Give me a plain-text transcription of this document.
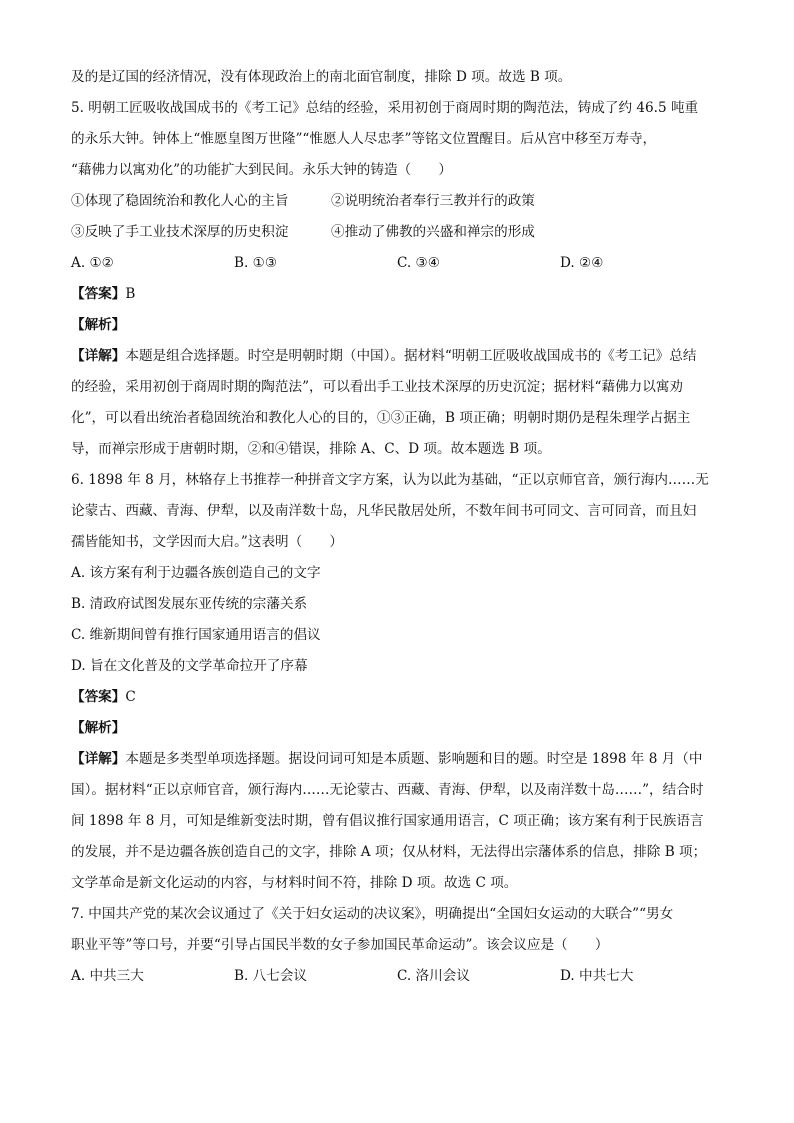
及的是辽国的经济情况，没有体现政治上的南北面官制度，排除 D 项。故选 B 项。
5. 明朝工匠吸收战国成书的《考工记》总结的经验，采用初创于商周时期的陶范法，铸成了约 46.5 吨重
的永乐大钟。钟体上“惟愿皇图万世隆”“惟愿人人尽忠孝”等铭文位置醒目。后从宫中移至万寿寺，
“藉佛力以寓劝化”的功能扩大到民间。永乐大钟的铸造（　　）
①体现了稳固统治和教化人心的主旨	②说明统治者奉行三教并行的政策
③反映了手工业技术深厚的历史积淀	④推动了佛教的兴盛和禅宗的形成
A. ①②	B. ①③	C. ③④	D. ②④
【答案】B
【解析】
【详解】本题是组合选择题。时空是明朝时期（中国）。据材料“明朝工匠吸收战国成书的《考工记》总结
的经验，采用初创于商周时期的陶范法”，可以看出手工业技术深厚的历史沉淀；据材料“藉佛力以寓劝
化”，可以看出统治者稳固统治和教化人心的目的，①③正确，B 项正确；明朝时期仍是程朱理学占据主
导，而禅宗形成于唐朝时期，②和④错误，排除 A、C、D 项。故本题选 B 项。
6. 1898 年 8 月，林辂存上书推荐一种拼音文字方案，认为以此为基础，“正以京师官音，颁行海内……无
论蒙古、西藏、青海、伊犁，以及南洋数十岛，凡华民散居处所，不数年间书可同文、言可同音，而且妇
孺皆能知书，文学因而大启。”这表明（　　）
A. 该方案有利于边疆各族创造自己的文字
B. 清政府试图发展东亚传统的宗藩关系
C. 维新期间曾有推行国家通用语言的倡议
D. 旨在文化普及的文学革命拉开了序幕
【答案】C
【解析】
【详解】本题是多类型单项选择题。据设问词可知是本质题、影响题和目的题。时空是 1898 年 8 月（中
国）。据材料“正以京师官音，颁行海内……无论蒙古、西藏、青海、伊犁，以及南洋数十岛……”，结合时
间 1898 年 8 月，可知是维新变法时期，曾有倡议推行国家通用语言，C 项正确；该方案有利于民族语言
的发展，并不是边疆各族创造自己的文字，排除 A 项；仅从材料，无法得出宗藩体系的信息，排除 B 项；
文学革命是新文化运动的内容，与材料时间不符，排除 D 项。故选 C 项。
7. 中国共产党的某次会议通过了《关于妇女运动的决议案》，明确提出“全国妇女运动的大联合”“男女
职业平等”等口号，并要“引导占国民半数的女子参加国民革命运动”。该会议应是（　　）
A. 中共三大	B. 八七会议	C. 洛川会议	D. 中共七大
